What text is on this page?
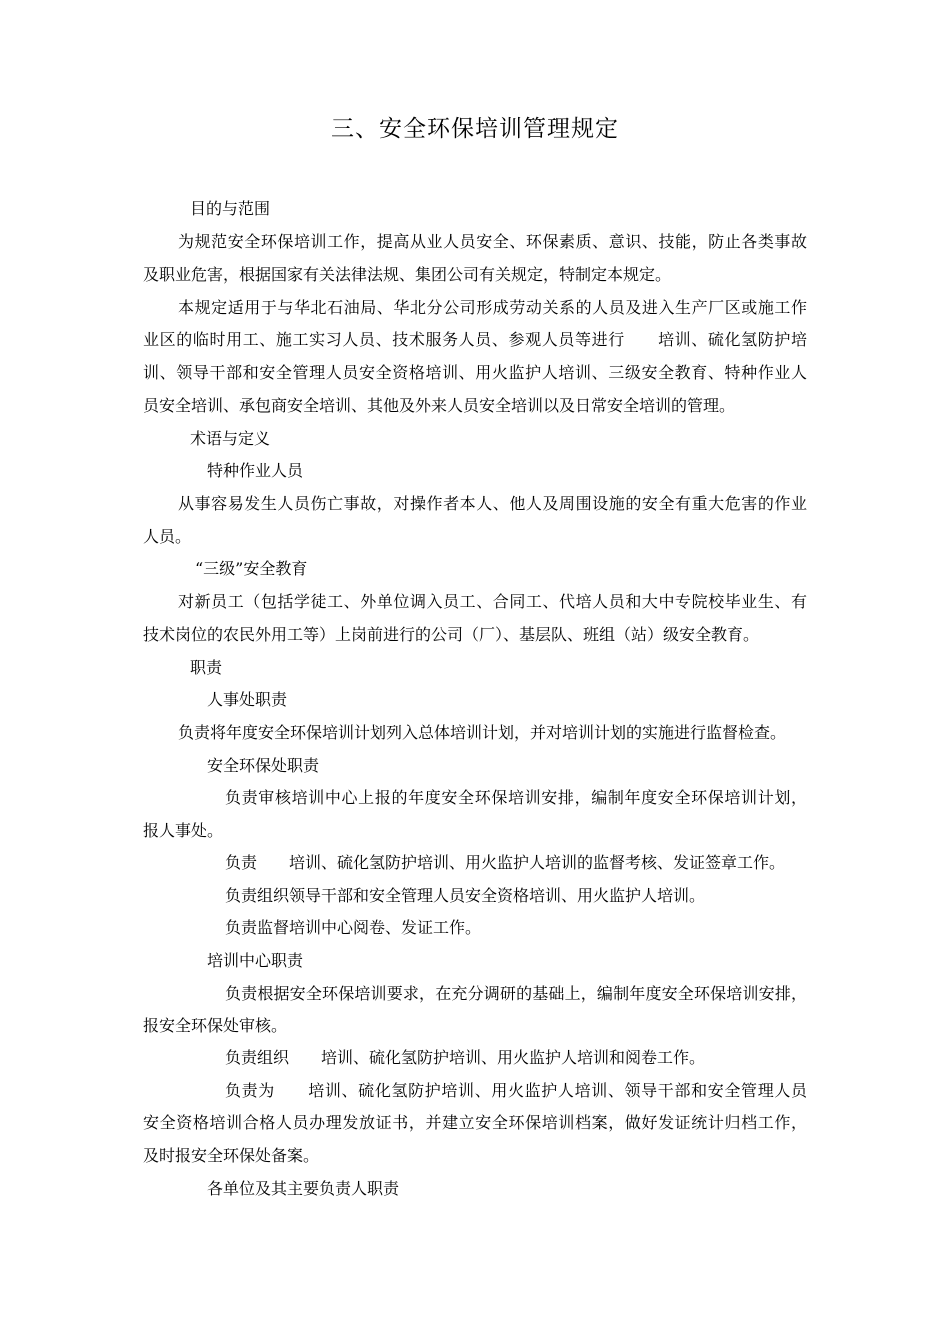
三、安全环保培训管理规定
目的与范围
为规范安全环保培训工作，提高从业人员安全、环保素质、意识、技能，防止各类事故
及职业危害，根据国家有关法律法规、集团公司有关规定，特制定本规定。
本规定适用于与华北石油局、华北分公司形成劳动关系的人员及进入生产厂区或施工作
业区的临时用工、施工实习人员、技术服务人员、参观人员等进行　　培训、硫化氢防护培
训、领导干部和安全管理人员安全资格培训、用火监护人培训、三级安全教育、特种作业人
员安全培训、承包商安全培训、其他及外来人员安全培训以及日常安全培训的管理。
术语与定义
特种作业人员
从事容易发生人员伤亡事故，对操作者本人、他人及周围设施的安全有重大危害的作业
人员。
“三级”安全教育
对新员工（包括学徒工、外单位调入员工、合同工、代培人员和大中专院校毕业生、有
技术岗位的农民外用工等）上岗前进行的公司（厂）、基层队、班组（站）级安全教育。
职责
人事处职责
负责将年度安全环保培训计划列入总体培训计划，并对培训计划的实施进行监督检查。
安全环保处职责
负责审核培训中心上报的年度安全环保培训安排，编制年度安全环保培训计划，
报人事处。
负责　　培训、硫化氢防护培训、用火监护人培训的监督考核、发证签章工作。
负责组织领导干部和安全管理人员安全资格培训、用火监护人培训。
负责监督培训中心阅卷、发证工作。
培训中心职责
负责根据安全环保培训要求，在充分调研的基础上，编制年度安全环保培训安排，
报安全环保处审核。
负责组织　　培训、硫化氢防护培训、用火监护人培训和阅卷工作。
负责为　　培训、硫化氢防护培训、用火监护人培训、领导干部和安全管理人员
安全资格培训合格人员办理发放证书，并建立安全环保培训档案，做好发证统计归档工作，
及时报安全环保处备案。
各单位及其主要负责人职责
